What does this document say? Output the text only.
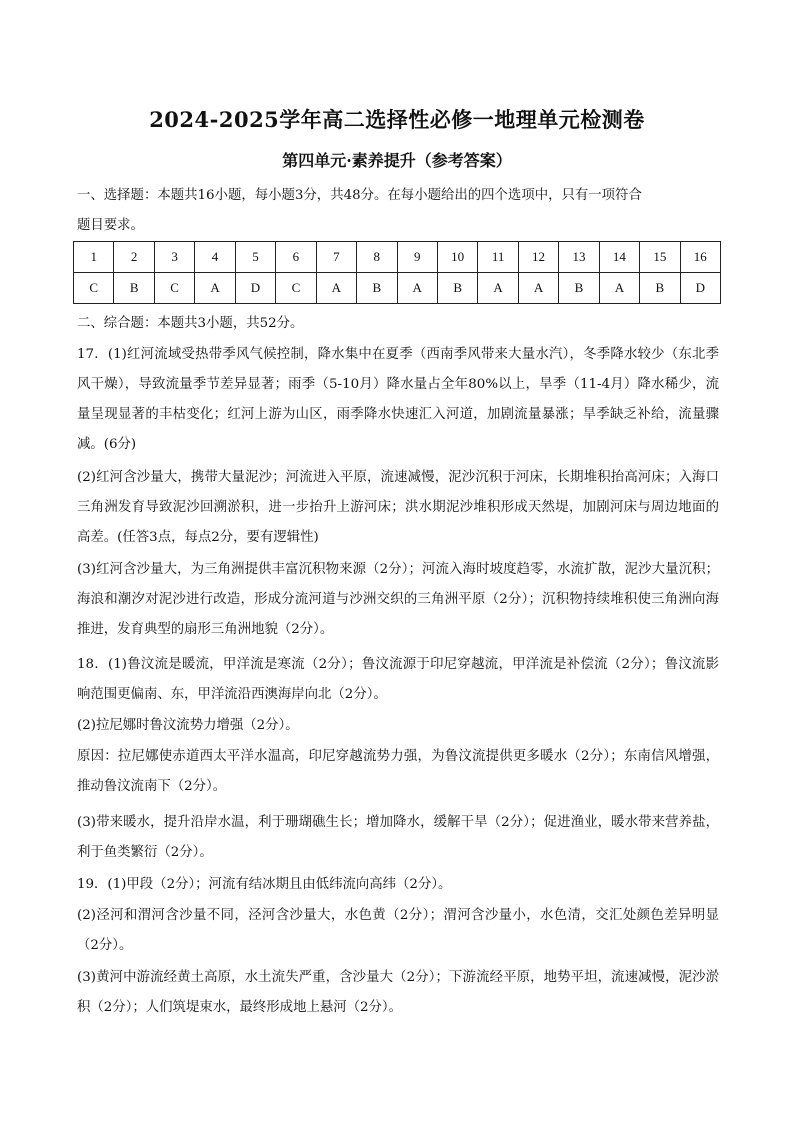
2024-2025学年高二选择性必修一地理单元检测卷
第四单元·素养提升（参考答案）

一、选择题：本题共16小题，每小题3分，共48分。在每小题给出的四个选项中，只有一项符合

题目要求。

1	2	3	4	5	6	7	8	9	10	11	12	13	14	15	16
C	B	C	A	D	C	A	B	A	B	A	A	B	A	B	D

二、综合题：本题共3小题，共52分。

17．(1)红河流域受热带季风气候控制，降水集中在夏季（西南季风带来大量水汽），冬季降水较少（东北季风干燥），导致流量季节差异显著；雨季（5-10月）降水量占全年80%以上，旱季（11-4月）降水稀少，流量呈现显著的丰枯变化；红河上游为山区，雨季降水快速汇入河道，加剧流量暴涨；旱季缺乏补给，流量骤减。(6分)

(2)红河含沙量大，携带大量泥沙；河流进入平原，流速减慢，泥沙沉积于河床，长期堆积抬高河床；入海口三角洲发育导致泥沙回溯淤积，进一步抬升上游河床；洪水期泥沙堆积形成天然堤，加剧河床与周边地面的高差。(任答3点，每点2分，要有逻辑性)

(3)红河含沙量大，为三角洲提供丰富沉积物来源（2分）；河流入海时坡度趋零，水流扩散，泥沙大量沉积；海浪和潮汐对泥沙进行改造，形成分流河道与沙洲交织的三角洲平原（2分）；沉积物持续堆积使三角洲向海推进，发育典型的扇形三角洲地貌（2分）。

18．(1)鲁汶流是暖流，甲洋流是寒流（2分）；鲁汶流源于印尼穿越流，甲洋流是补偿流（2分）；鲁汶流影响范围更偏南、东，甲洋流沿西澳海岸向北（2分）。

(2)拉尼娜时鲁汶流势力增强（2分）。

原因：拉尼娜使赤道西太平洋水温高，印尼穿越流势力强，为鲁汶流提供更多暖水（2分）；东南信风增强，推动鲁汶流南下（2分）。

(3)带来暖水，提升沿岸水温，利于珊瑚礁生长；增加降水，缓解干旱（2分）；促进渔业，暖水带来营养盐，利于鱼类繁衍（2分）。

19．(1)甲段（2分）；河流有结冰期且由低纬流向高纬（2分）。

(2)泾河和渭河含沙量不同，泾河含沙量大，水色黄（2分）；渭河含沙量小，水色清，交汇处颜色差异明显（2分）。

(3)黄河中游流经黄土高原，水土流失严重，含沙量大（2分）；下游流经平原，地势平坦，流速减慢，泥沙淤积（2分）；人们筑堤束水，最终形成地上悬河（2分）。
